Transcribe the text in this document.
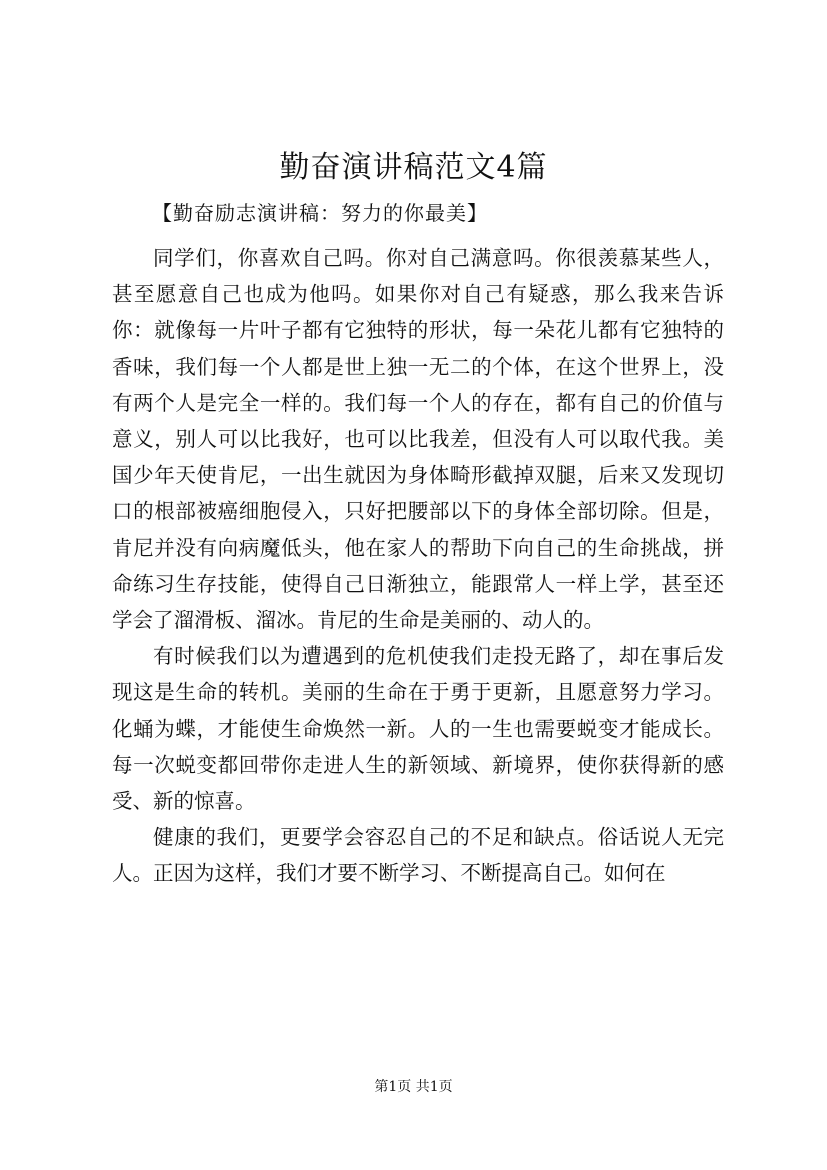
勤奋演讲稿范文4篇
【勤奋励志演讲稿：努力的你最美】

同学们，你喜欢自己吗。你对自己满意吗。你很羡慕某些人，甚至愿意自己也成为他吗。如果你对自己有疑惑，那么我来告诉你：就像每一片叶子都有它独特的形状，每一朵花儿都有它独特的香味，我们每一个人都是世上独一无二的个体，在这个世界上，没有两个人是完全一样的。我们每一个人的存在，都有自己的价值与意义，别人可以比我好，也可以比我差，但没有人可以取代我。美国少年天使肯尼，一出生就因为身体畸形截掉双腿，后来又发现切口的根部被癌细胞侵入，只好把腰部以下的身体全部切除。但是，肯尼并没有向病魔低头，他在家人的帮助下向自己的生命挑战，拼命练习生存技能，使得自己日渐独立，能跟常人一样上学，甚至还学会了溜滑板、溜冰。肯尼的生命是美丽的、动人的。

有时候我们以为遭遇到的危机使我们走投无路了，却在事后发现这是生命的转机。美丽的生命在于勇于更新，且愿意努力学习。化蛹为蝶，才能使生命焕然一新。人的一生也需要蜕变才能成长。每一次蜕变都回带你走进人生的新领域、新境界，使你获得新的感受、新的惊喜。

健康的我们，更要学会容忍自己的不足和缺点。俗话说人无完人。正因为这样，我们才要不断学习、不断提高自己。如何在

第1页 共1页
